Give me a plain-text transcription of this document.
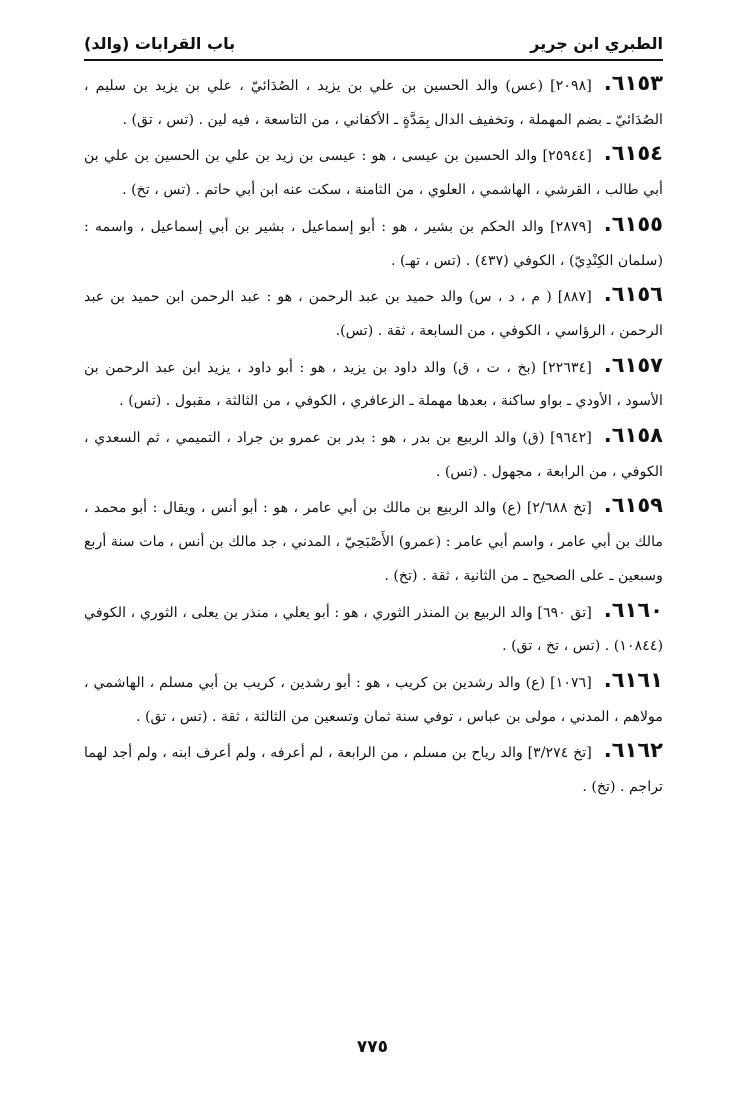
الطبري ابن جرير
باب القرابات (والد)

٦١٥٣.[٢٠٩٨] (عس) والد الحسين بن علي بن يزيد ، الصُدَائيّ ، علي بن يزيد بن سليم ، الصُدَائيّ ـ بضم المهملة ، وتخفيف الدال بِمَدَّةٍ ـ الأكفاني ، من التاسعة ، فيه لين . (تس ، تق) .

٦١٥٤.[٢٥٩٤٤] والد الحسين بن عيسى ، هو : عيسى بن زيد بن علي بن الحسين بن علي بن أبي طالب ، القرشي ، الهاشمي ، العلوي ، من الثامنة ، سكت عنه ابن أبي حاتم . (تس ، تخ) .

٦١٥٥.[٢٨٧٩] والد الحكم بن بشير ، هو : أبو إسماعيل ، بشير بن أبي إسماعيل ، واسمه : (سلمان الكِنْدِيّ) ، الكوفي (٤٣٧) . (تس ، تهـ) .

٦١٥٦.[٨٨٧] ( م ، د ، س) والد حميد بن عبد الرحمن ، هو : عبد الرحمن ابن حميد بن عبد الرحمن ، الرؤاسي ، الكوفي ، من السابعة ، ثقة . (تس).

٦١٥٧.[٢٢٦٣٤] (بخ ، ت ، ق) والد داود بن يزيد ، هو : أبو داود ، يزيد ابن عبد الرحمن بن الأسود ، الأودي ـ بواو ساكنة ، بعدها مهملة ـ الزعافري ، الكوفي ، من الثالثة ، مقبول . (تس) .

٦١٥٨.[٩٦٤٢] (ق) والد الربيع بن بدر ، هو : بدر بن عمرو بن جراد ، التميمي ، ثم السعدي ، الكوفي ، من الرابعة ، مجهول . (تس) .

٦١٥٩.[تخ ٢/٦٨٨] (ع) والد الربيع بن مالك بن أبي عامر ، هو : أبو أنس ، ويقال : أبو محمد ، مالك بن أبي عامر ، واسم أبي عامر : (عمرو) الأَصْبَحِيّ ، المدني ، جد مالك بن أنس ، مات سنة أربع وسبعين ـ على الصحيح ـ من الثانية ، ثقة . (تخ) .

٦١٦٠.[تق ٦٩٠] والد الربيع بن المنذر الثوري ، هو : أبو يعلي ، منذر بن يعلى ، الثوري ، الكوفي (١٠٨٤٤) . (تس ، تخ ، تق) .

٦١٦١.[١٠٧٦] (ع) والد رشدين بن كريب ، هو : أبو رشدين ، كريب بن أبي مسلم ، الهاشمي ، مولاهم ، المدني ، مولى بن عباس ، توفي سنة ثمان وتسعين من الثالثة ، ثقة . (تس ، تق) .

٦١٦٢.[تخ ٣/٢٧٤] والد رياح بن مسلم ، من الرابعة ، لم أعرفه ، ولم أعرف ابنه ، ولم أجد لهما تراجم . (تخ) .

٧٧٥
